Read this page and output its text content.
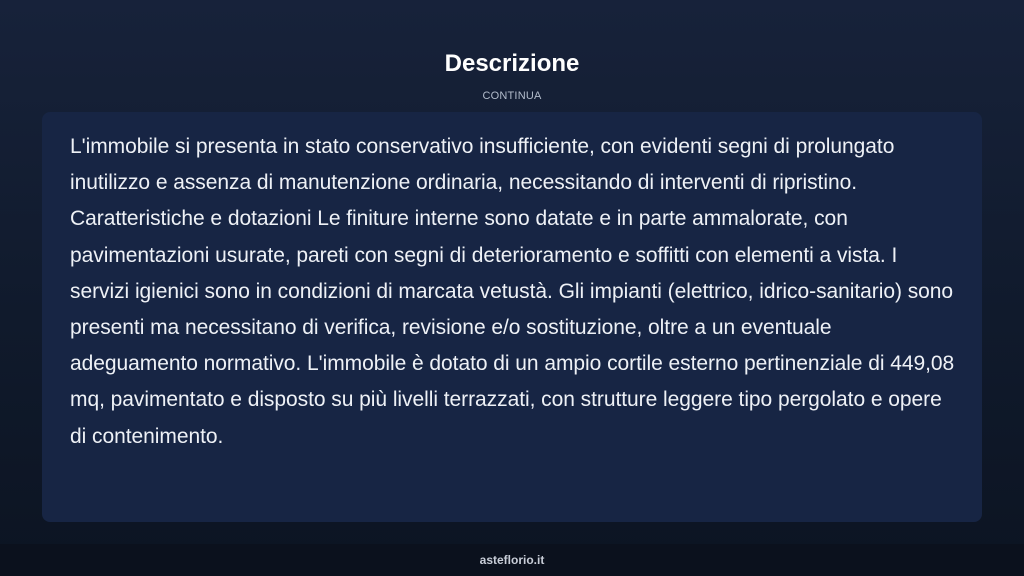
Descrizione
CONTINUA

L'immobile si presenta in stato conservativo insufficiente, con evidenti segni di prolungato inutilizzo e assenza di manutenzione ordinaria, necessitando di interventi di ripristino. Caratteristiche e dotazioni Le finiture interne sono datate e in parte ammalorate, con pavimentazioni usurate, pareti con segni di deterioramento e soffitti con elementi a vista. I servizi igienici sono in condizioni di marcata vetustà. Gli impianti (elettrico, idrico-sanitario) sono presenti ma necessitano di verifica, revisione e/o sostituzione, oltre a un eventuale adeguamento normativo. L'immobile è dotato di un ampio cortile esterno pertinenziale di 449,08 mq, pavimentato e disposto su più livelli terrazzati, con strutture leggere tipo pergolato e opere di contenimento.

asteflorio.it
